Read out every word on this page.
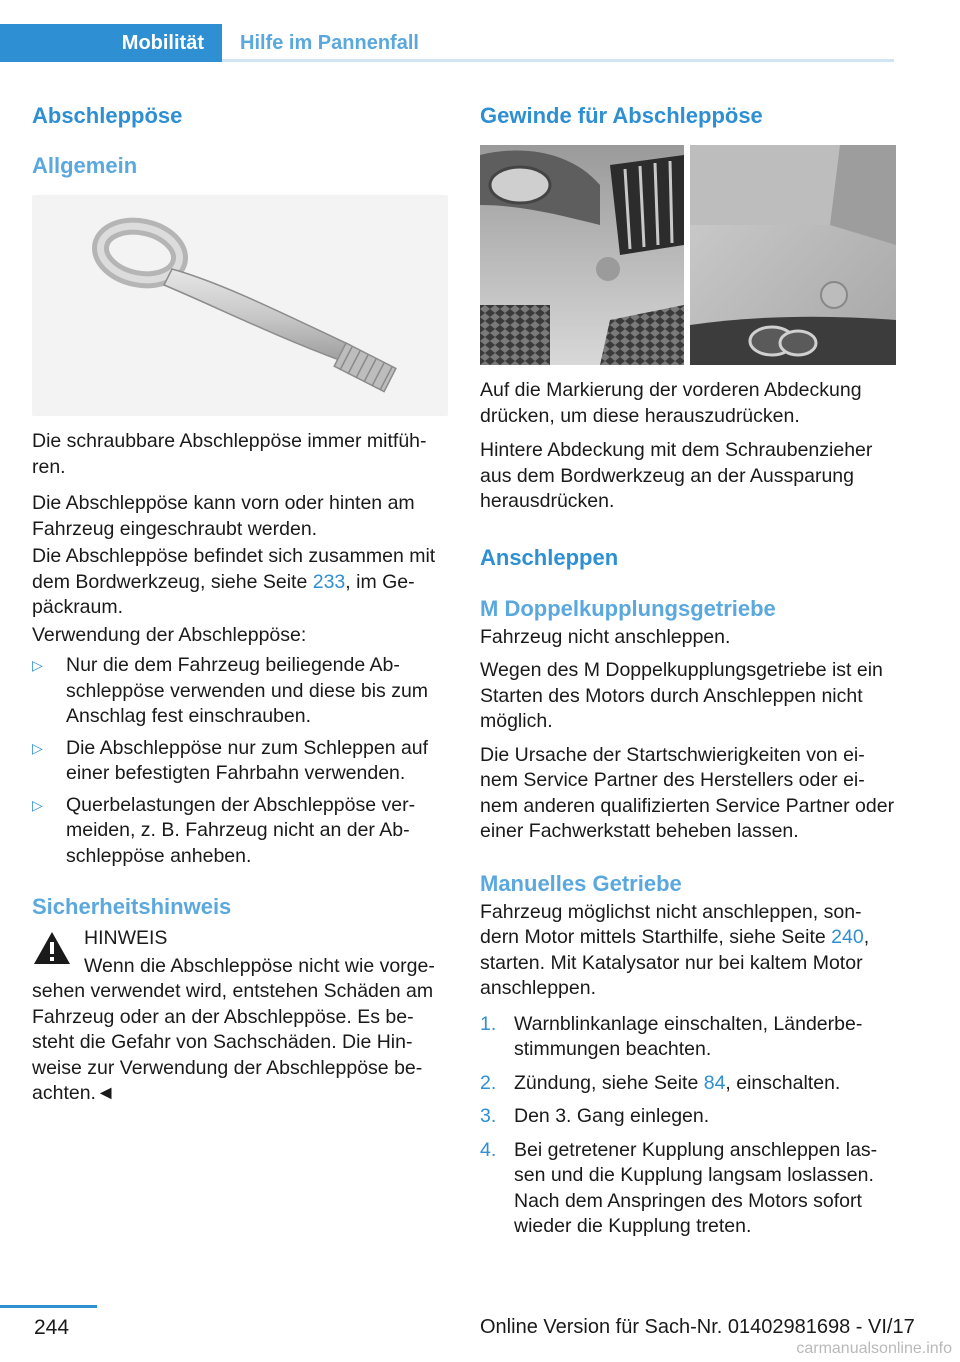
Mobilität	Hilfe im Pannenfall
Abschleppöse
Allgemein

Die schraubbare Abschleppöse immer mitfüh-ren.

Die Abschleppöse kann vorn oder hinten am Fahrzeug eingeschraubt werden.

Die Abschleppöse befindet sich zusammen mit dem Bordwerkzeug, siehe Seite 233, im Ge-päckraum.

Verwendung der Abschleppöse:

▷ Nur die dem Fahrzeug beiliegende Ab-schleppöse verwenden und diese bis zum Anschlag fest einschrauben.
▷ Die Abschleppöse nur zum Schleppen auf einer befestigten Fahrbahn verwenden.
▷ Querbelastungen der Abschleppöse ver-meiden, z. B. Fahrzeug nicht an der Ab-schleppöse anheben.
Sicherheitshinweis

HINWEIS

Wenn die Abschleppöse nicht wie vorge-sehen verwendet wird, entstehen Schäden am Fahrzeug oder an der Abschleppöse. Es be-steht die Gefahr von Sachschäden. Die Hin-weise zur Verwendung der Abschleppöse be-achten.◄

Gewinde für Abschleppöse

Auf die Markierung der vorderen Abdeckung drücken, um diese herauszudrücken.

Hintere Abdeckung mit dem Schraubenzieher aus dem Bordwerkzeug an der Aussparung herausdrücken.

Anschleppen
M Doppelkupplungsgetriebe

Fahrzeug nicht anschleppen.

Wegen des M Doppelkupplungsgetriebe ist ein Starten des Motors durch Anschleppen nicht möglich.

Die Ursache der Startschwierigkeiten von ei-nem Service Partner des Herstellers oder ei-nem anderen qualifizierten Service Partner oder einer Fachwerkstatt beheben lassen.

Manuelles Getriebe

Fahrzeug möglichst nicht anschleppen, son-dern Motor mittels Starthilfe, siehe Seite 240, starten. Mit Katalysator nur bei kaltem Motor anschleppen.

1. Warnblinkanlage einschalten, Länderbe-stimmungen beachten.
2. Zündung, siehe Seite 84, einschalten.
3. Den 3. Gang einlegen.
4. Bei getretener Kupplung anschleppen las-sen und die Kupplung langsam loslassen. Nach dem Anspringen des Motors sofort wieder die Kupplung treten.
244	Online Version für Sach-Nr. 01402981698 - VI/17
carmanualsonline.info
